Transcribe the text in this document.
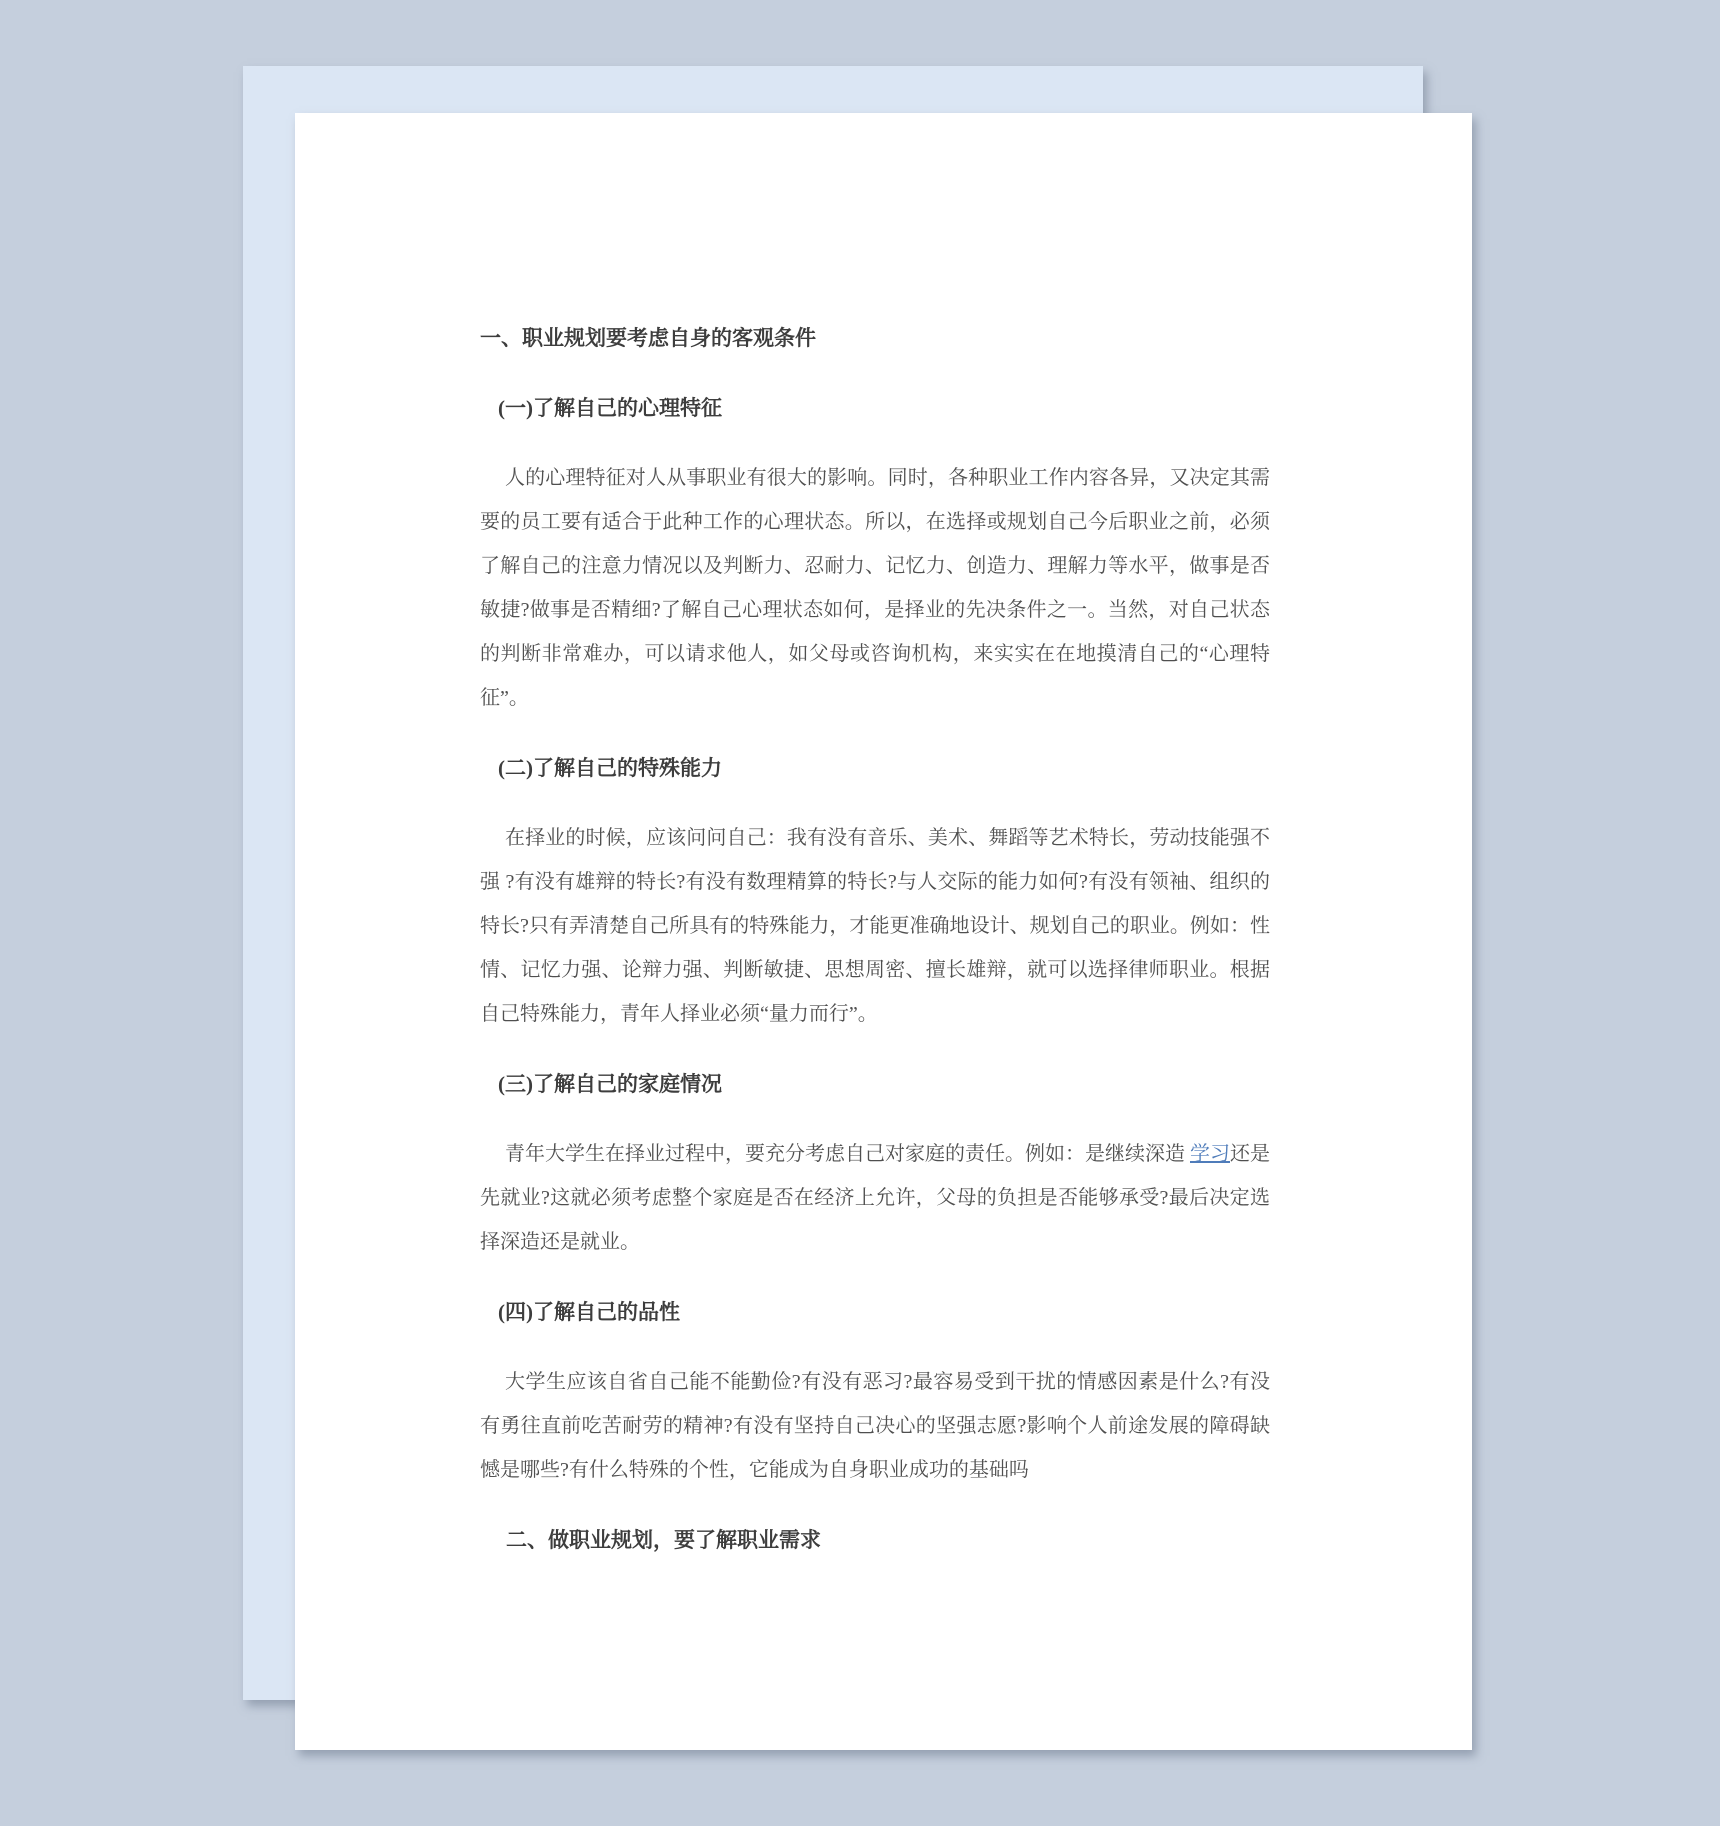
一、职业规划要考虑自身的客观条件
(一)了解自己的心理特征

人的心理特征对人从事职业有很大的影响。同时，各种职业工作内容各异，又决定其需要的员工要有适合于此种工作的心理状态。所以，在选择或规划自己今后职业之前，必须了解自己的注意力情况以及判断力、忍耐力、记忆力、创造力、理解力等水平，做事是否敏捷?做事是否精细?了解自己心理状态如何，是择业的先决条件之一。当然，对自己状态的判断非常难办，可以请求他人，如父母或咨询机构，来实实在在地摸清自己的“心理特征”。

(二)了解自己的特殊能力

在择业的时候，应该问问自己：我有没有音乐、美术、舞蹈等艺术特长，劳动技能强不强 ?有没有雄辩的特长?有没有数理精算的特长?与人交际的能力如何?有没有领袖、组织的特长?只有弄清楚自己所具有的特殊能力，才能更准确地设计、规划自己的职业。例如：性情、记忆力强、论辩力强、判断敏捷、思想周密、擅长雄辩，就可以选择律师职业。根据自己特殊能力，青年人择业必须“量力而行”。

(三)了解自己的家庭情况

青年大学生在择业过程中，要充分考虑自己对家庭的责任。例如：是继续深造 学习还是先就业?这就必须考虑整个家庭是否在经济上允许，父母的负担是否能够承受?最后决定选择深造还是就业。

(四)了解自己的品性

大学生应该自省自己能不能勤俭?有没有恶习?最容易受到干扰的情感因素是什么?有没有勇往直前吃苦耐劳的精神?有没有坚持自己决心的坚强志愿?影响个人前途发展的障碍缺憾是哪些?有什么特殊的个性，它能成为自身职业成功的基础吗

二、做职业规划，要了解职业需求
